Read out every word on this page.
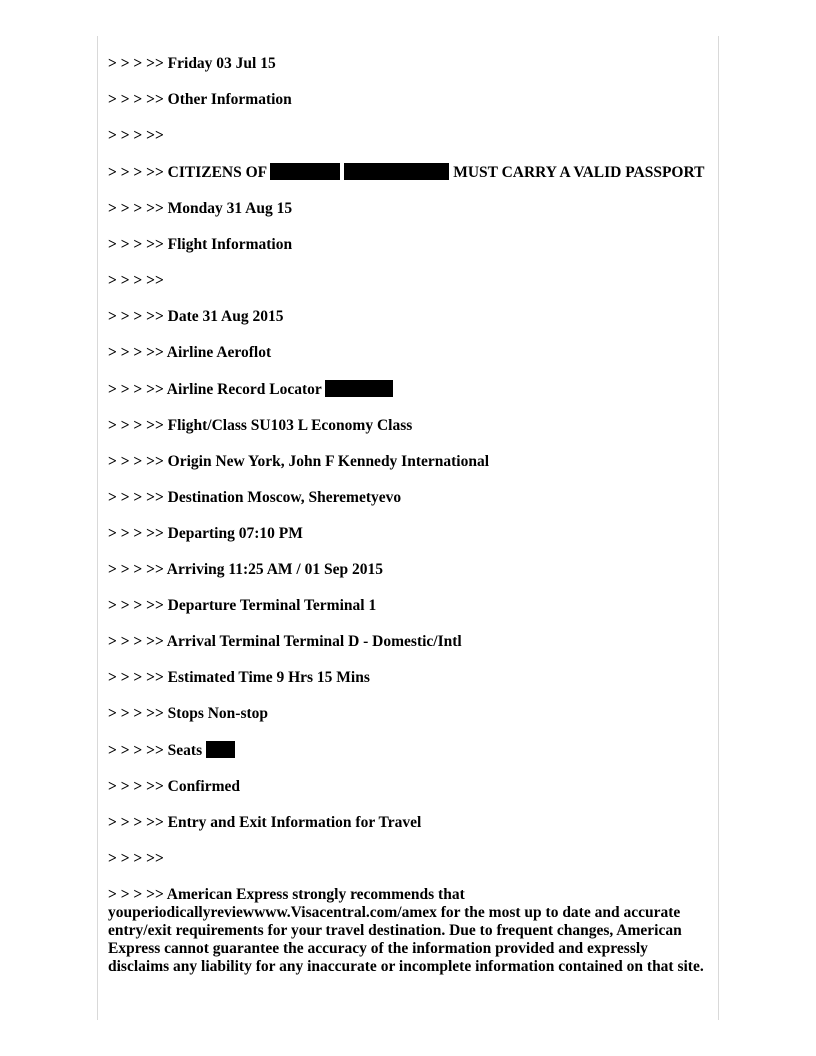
> > > >> Friday 03 Jul 15
> > > >> Other Information
> > > >>
> > > >> CITIZENS OF	MUST CARRY A VALID PASSPORT
> > > >> Monday 31 Aug 15
> > > >> Flight Information
> > > >>
> > > >> Date 31 Aug 2015
> > > >> Airline Aeroflot
> > > >> Airline Record Locator
> > > >> Flight/Class SU103 L Economy Class
> > > >> Origin New York, John F Kennedy International
> > > >> Destination Moscow, Sheremetyevo
> > > >> Departing 07:10 PM
> > > >> Arriving 11:25 AM / 01 Sep 2015
> > > >> Departure Terminal Terminal 1
> > > >> Arrival Terminal Terminal D - Domestic/Intl
> > > >> Estimated Time 9 Hrs 15 Mins
> > > >> Stops Non-stop
> > > >> Seats
> > > >> Confirmed
> > > >> Entry and Exit Information for Travel
> > > >>
> > > >> American Express strongly recommends that youperiodicallyreviewwww.Visacentral.com/amex for the most up to date and accurate entry/exit requirements for your travel destination. Due to frequent changes, American Express cannot guarantee the accuracy of the information provided and expressly disclaims any liability for any inaccurate or incomplete information contained on that site.
